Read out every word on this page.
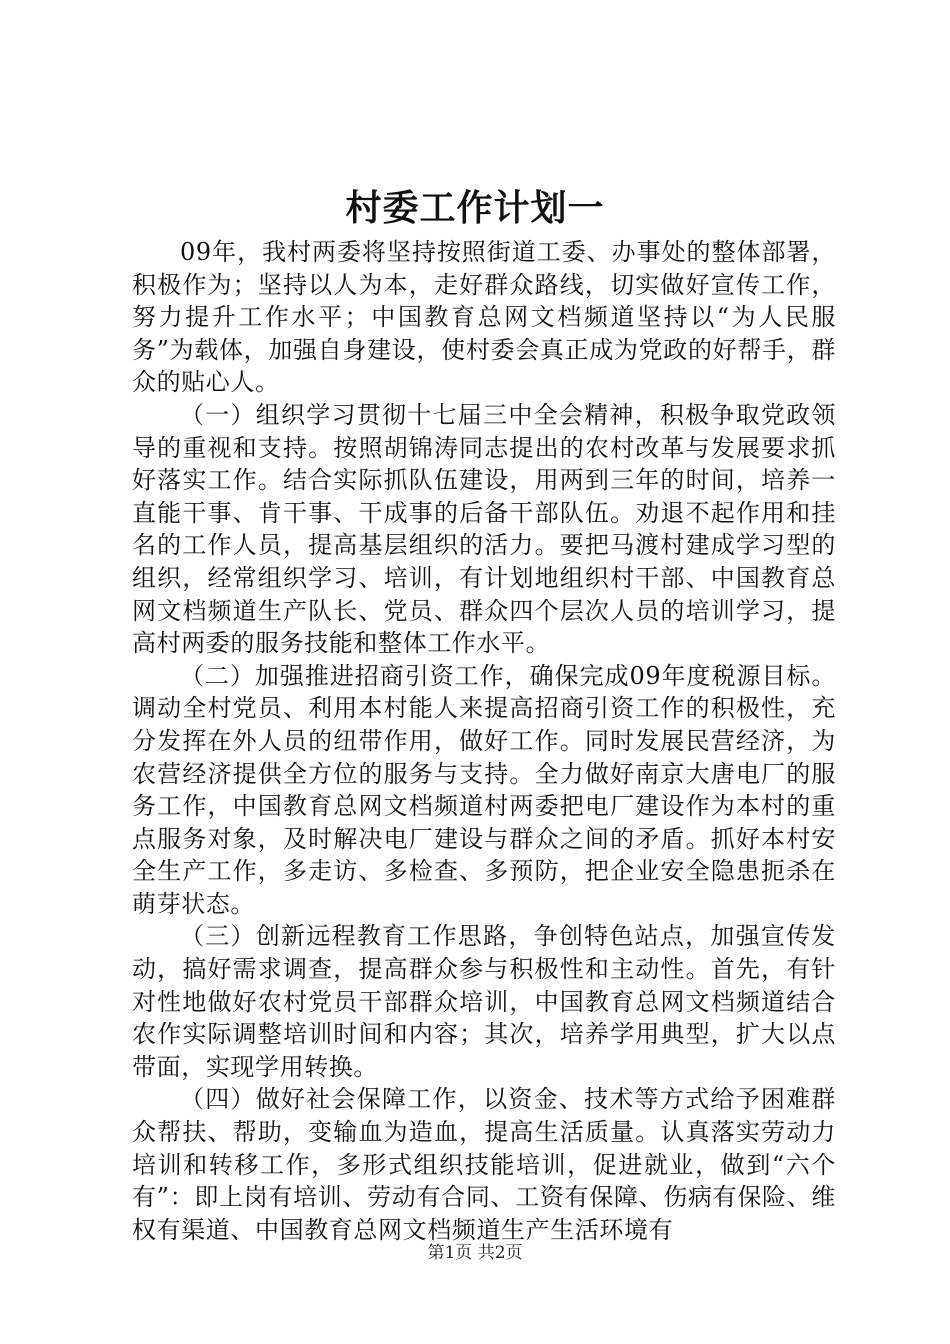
村委工作计划一

09年，我村两委将坚持按照街道工委、办事处的整体部署，积极作为；坚持以人为本，走好群众路线，切实做好宣传工作，努力提升工作水平；中国教育总网文档频道坚持以“为人民服务”为载体，加强自身建设，使村委会真正成为党政的好帮手，群众的贴心人。

（一）组织学习贯彻十七届三中全会精神，积极争取党政领导的重视和支持。按照胡锦涛同志提出的农村改革与发展要求抓好落实工作。结合实际抓队伍建设，用两到三年的时间，培养一直能干事、肯干事、干成事的后备干部队伍。劝退不起作用和挂名的工作人员，提高基层组织的活力。要把马渡村建成学习型的组织，经常组织学习、培训，有计划地组织村干部、中国教育总网文档频道生产队长、党员、群众四个层次人员的培训学习，提高村两委的服务技能和整体工作水平。

（二）加强推进招商引资工作，确保完成09年度税源目标。调动全村党员、利用本村能人来提高招商引资工作的积极性，充分发挥在外人员的纽带作用，做好工作。同时发展民营经济，为农营经济提供全方位的服务与支持。全力做好南京大唐电厂的服务工作，中国教育总网文档频道村两委把电厂建设作为本村的重点服务对象，及时解决电厂建设与群众之间的矛盾。抓好本村安全生产工作，多走访、多检查、多预防，把企业安全隐患扼杀在萌芽状态。

（三）创新远程教育工作思路，争创特色站点，加强宣传发动，搞好需求调查，提高群众参与积极性和主动性。首先，有针对性地做好农村党员干部群众培训，中国教育总网文档频道结合农作实际调整培训时间和内容；其次，培养学用典型，扩大以点带面，实现学用转换。

（四）做好社会保障工作，以资金、技术等方式给予困难群众帮扶、帮助，变输血为造血，提高生活质量。认真落实劳动力培训和转移工作，多形式组织技能培训，促进就业，做到“六个有”：即上岗有培训、劳动有合同、工资有保障、伤病有保险、维权有渠道、中国教育总网文档频道生产生活环境有

第1页 共2页
